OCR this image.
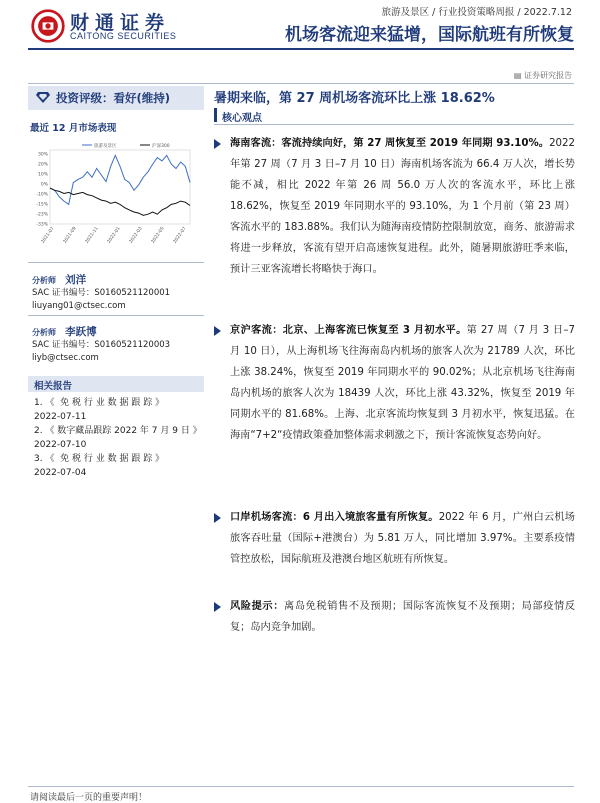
财通证券
CAITONG SECURITIES
旅游及景区 / 行业投资策略周报 / 2022.7.12
机场客流迎来猛增，国际航班有所恢复
▤ 证券研究报告
投资评级：看好(维持)
最近 12 月市场表现
旅游及景区	沪深300
30%
20%
10%
0%
-10%
-15%
-23%
-33%
2021-07 2021-09 2021-11 2022-01 2022-03 2022-05 2022-07
分析师 刘洋
SAC 证书编号：S0160521120001
liuyang01@ctsec.com
分析师 李跃博
SAC 证书编号：S0160521120003
liyb@ctsec.com
相关报告
1. 《  免 税 行 业 数 据 跟 踪 》
2022-07-11
2. 《 数字藏品跟踪 2022 年 7 月 9 日 》
2022-07-10
3. 《  免 税 行 业 数 据 跟 踪 》
2022-07-04
暑期来临，第 27 周机场客流环比上涨 18.62%
核心观点
海南客流：客流持续向好，第 27 周恢复至 2019 年同期 93.10%。2022 年第 27 周（7 月 3 日–7 月 10 日）海南机场客流为 66.4 万人次，增长势能不减，相比 2022 年第 26 周 56.0 万人次的客流水平，环比上涨 18.62%，恢复至 2019 年同期水平的 93.10%，为 1 个月前（第 23 周）客流水平的 183.88%。我们认为随海南疫情防控限制放宽，商务、旅游需求将进一步释放，客流有望开启高速恢复进程。此外，随暑期旅游旺季来临，预计三亚客流增长将略快于海口。
京沪客流：北京、上海客流已恢复至 3 月初水平。第 27 周（7 月 3 日–7 月 10 日），从上海机场飞往海南岛内机场的旅客人次为 21789 人次，环比上涨 38.24%，恢复至 2019 年同期水平的 90.02%；从北京机场飞往海南岛内机场的旅客人次为 18439 人次，环比上涨 43.32%，恢复至 2019 年同期水平的 81.68%。上海、北京客流均恢复到 3 月初水平，恢复迅猛。在海南“7+2“疫情政策叠加整体需求刺激之下，预计客流恢复态势向好。
口岸机场客流：6 月出入境旅客量有所恢复。2022 年 6 月，广州白云机场旅客吞吐量（国际+港澳台）为 5.81 万人，同比增加 3.97%。主要系疫情管控放松，国际航班及港澳台地区航班有所恢复。
风险提示：离岛免税销售不及预期；国际客流恢复不及预期；局部疫情反复；岛内竞争加剧。
请阅读最后一页的重要声明！
